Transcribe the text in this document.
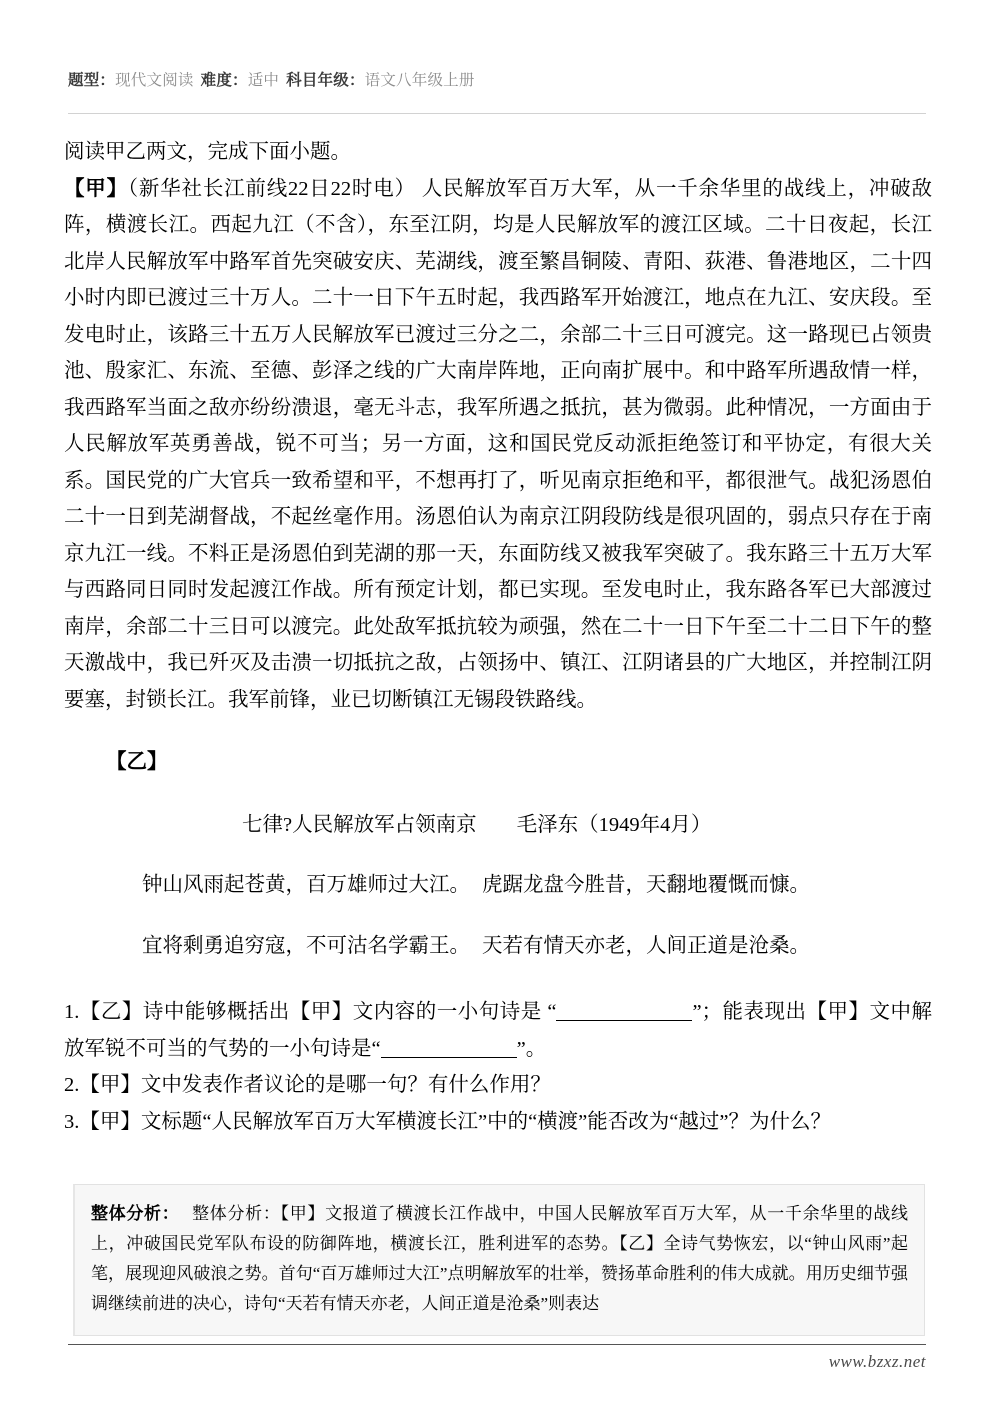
题型：现代文阅读 难度：适中 科目年级：语文八年级上册

阅读甲乙两文，完成下面小题。

【甲】（新华社长江前线22日22时电） 人民解放军百万大军，从一千余华里的战线上，冲破敌阵，横渡长江。西起九江（不含），东至江阴，均是人民解放军的渡江区域。二十日夜起，长江北岸人民解放军中路军首先突破安庆、芜湖线，渡至繁昌铜陵、青阳、荻港、鲁港地区，二十四小时内即已渡过三十万人。二十一日下午五时起，我西路军开始渡江，地点在九江、安庆段。至发电时止，该路三十五万人民解放军已渡过三分之二，余部二十三日可渡完。这一路现已占领贵池、殷家汇、东流、至德、彭泽之线的广大南岸阵地，正向南扩展中。和中路军所遇敌情一样，我西路军当面之敌亦纷纷溃退，毫无斗志，我军所遇之抵抗，甚为微弱。此种情况，一方面由于人民解放军英勇善战，锐不可当；另一方面，这和国民党反动派拒绝签订和平协定，有很大关系。国民党的广大官兵一致希望和平，不想再打了，听见南京拒绝和平，都很泄气。战犯汤恩伯二十一日到芜湖督战，不起丝毫作用。汤恩伯认为南京江阴段防线是很巩固的，弱点只存在于南京九江一线。不料正是汤恩伯到芜湖的那一天，东面防线又被我军突破了。我东路三十五万大军与西路同日同时发起渡江作战。所有预定计划，都已实现。至发电时止，我东路各军已大部渡过南岸，余部二十三日可以渡完。此处敌军抵抗较为顽强，然在二十一日下午至二十二日下午的整天激战中，我已歼灭及击溃一切抵抗之敌，占领扬中、镇江、江阴诸县的广大地区，并控制江阴要塞，封锁长江。我军前锋，业已切断镇江无锡段铁路线。

【乙】

七律?人民解放军占领南京 毛泽东（1949年4月）

钟山风雨起苍黄，百万雄师过大江。 虎踞龙盘今胜昔，天翻地覆慨而慷。

宜将剩勇追穷寇，不可沽名学霸王。 天若有情天亦老，人间正道是沧桑。

1.【乙】诗中能够概括出【甲】文内容的一小句诗是 “	”；能表现出【甲】文中解放军锐不可当的气势的一小句诗是“	”。

2.【甲】文中发表作者议论的是哪一句？有什么作用？

3.【甲】文标题“人民解放军百万大军横渡长江”中的“横渡”能否改为“越过”？为什么？

整体分析： 整体分析：【甲】文报道了横渡长江作战中，中国人民解放军百万大军，从一千余华里的战线上，冲破国民党军队布设的防御阵地，横渡长江，胜利进军的态势。【乙】全诗气势恢宏，以“钟山风雨”起笔，展现迎风破浪之势。首句“百万雄师过大江”点明解放军的壮举，赞扬革命胜利的伟大成就。用历史细节强调继续前进的决心，诗句“天若有情天亦老，人间正道是沧桑”则表达

www.bzxz.net
